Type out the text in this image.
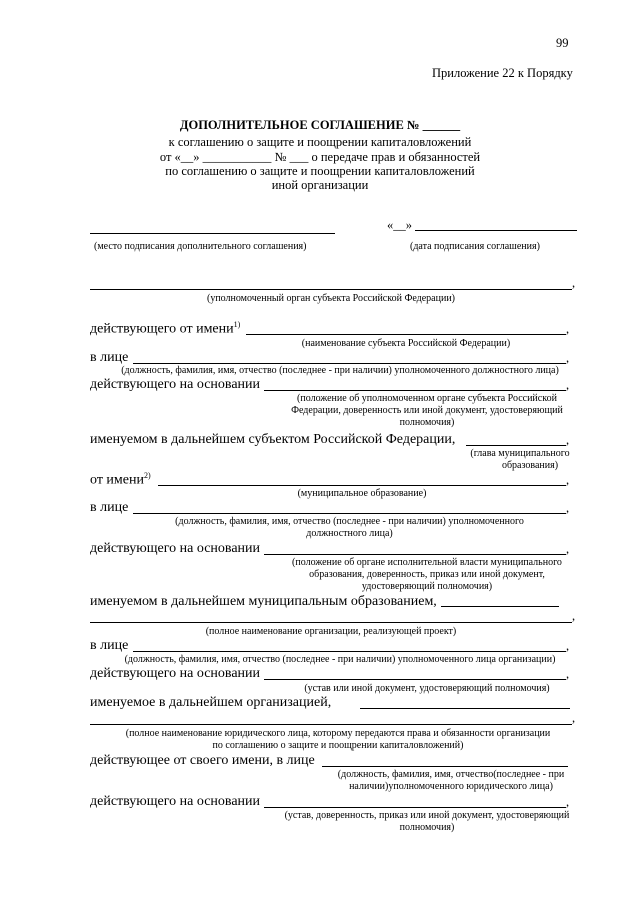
99
Приложение 22 к Порядку
ДОПОЛНИТЕЛЬНОЕ СОГЛАШЕНИЕ № ______
к соглашению о защите и поощрении капиталовложений
от «__» ___________ № ___ о передаче прав и обязанностей
по соглашению о защите и поощрении капиталовложений
иной организации
«__»
(место подписания дополнительного соглашения)	(дата подписания соглашения)
,
(уполномоченный орган субъекта Российской Федерации)
действующего от имени$^{1)}$	,
(наименование субъекта Российской Федерации)
в лице	,
(должность, фамилия, имя, отчество (последнее - при наличии) уполномоченного должностного лица)
действующего на основании	,
(положение об уполномоченном органе субъекта Российской
Федерации, доверенность или иной документ, удостоверяющий
полномочия)
именуемом в дальнейшем субъектом Российской Федерации,	,
(глава муниципального
образования)
от имени$^{2)}$	,
(муниципальное образование)
в лице	,
(должность, фамилия, имя, отчество (последнее - при наличии) уполномоченного
должностного лица)
действующего на основании	,
(положение об органе исполнительной власти муниципального
образования, доверенность, приказ или иной документ,
удостоверяющий полномочия)
именуемом в дальнейшем муниципальным образованием,
,
(полное наименование организации, реализующей проект)
в лице	,
(должность, фамилия, имя, отчество (последнее - при наличии) уполномоченного лица организации)
действующего на основании	,
(устав или иной документ, удостоверяющий полномочия)
именуемое в дальнейшем организацией,
,
(полное наименование юридического лица, которому передаются права и обязанности организации
по соглашению о защите и поощрении капиталовложений)
действующее от своего имени, в лице
(должность, фамилия, имя, отчество(последнее - при
наличии)уполномоченного юридического лица)
действующего на основании	,
(устав, доверенность, приказ или иной документ, удостоверяющий
полномочия)
